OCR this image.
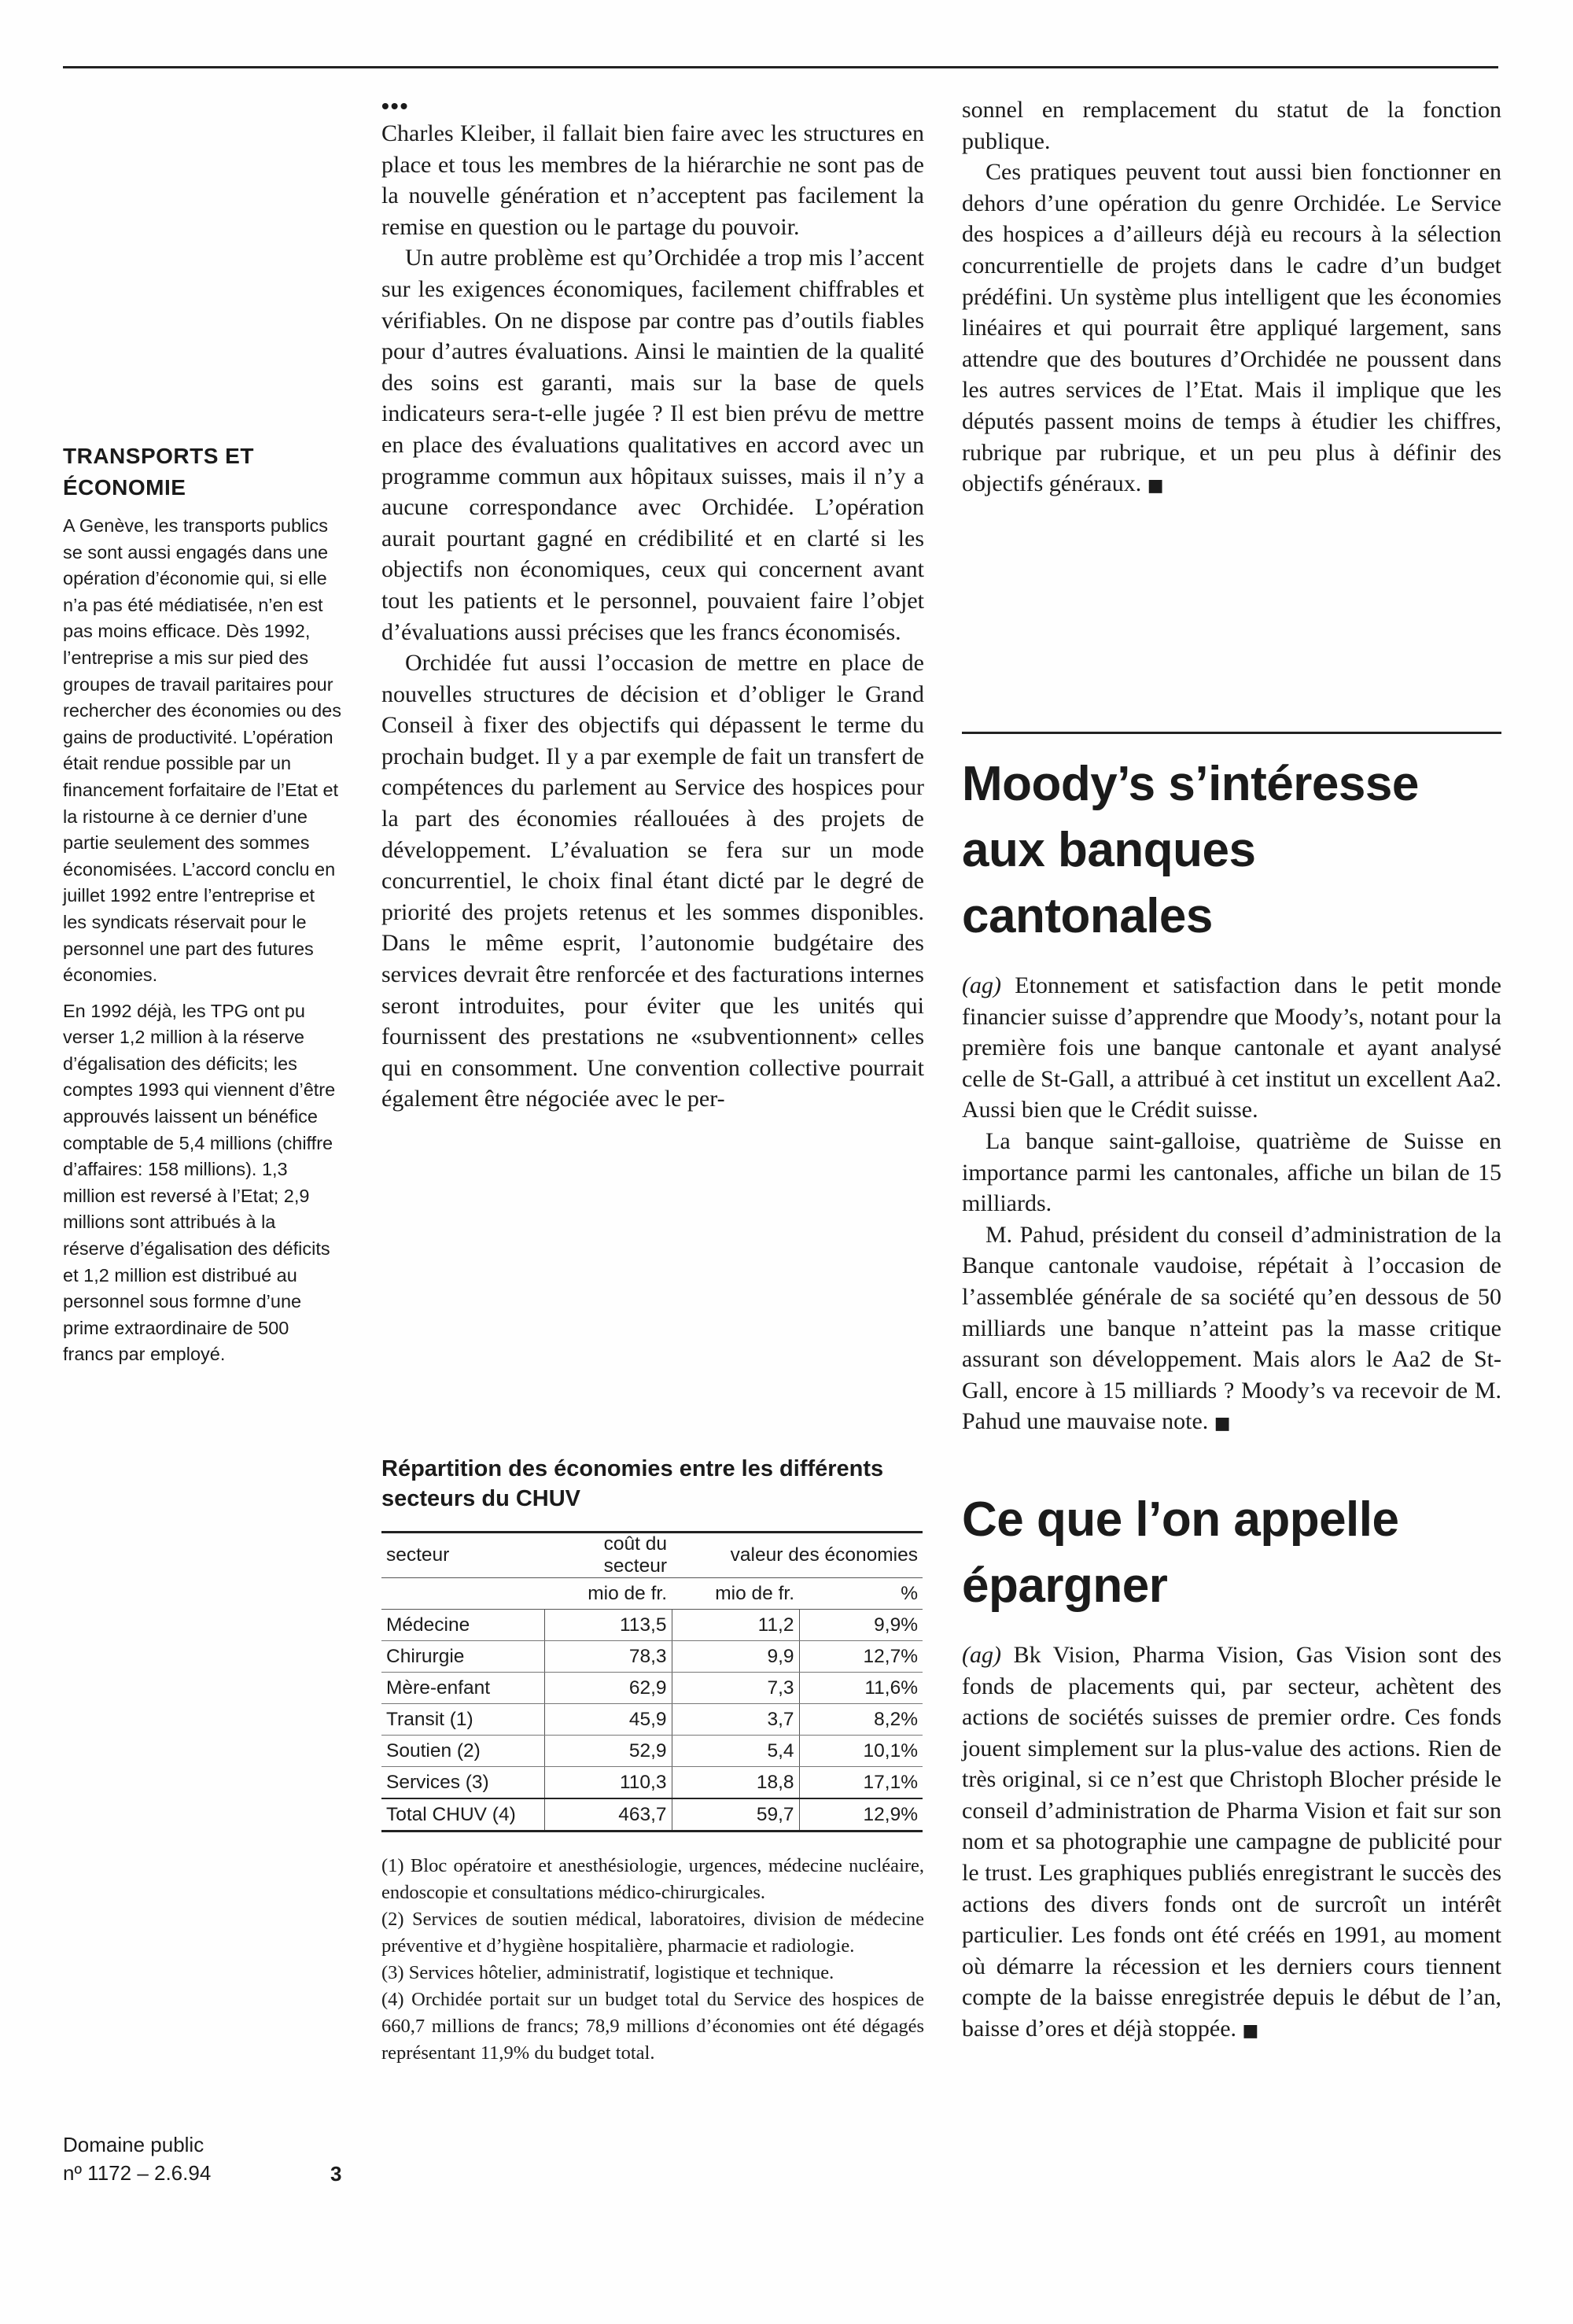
TRANSPORTS ET ÉCONOMIE

A Genève, les transports publics se sont aussi engagés dans une opération d’économie qui, si elle n’a pas été médiatisée, n’en est pas moins efficace. Dès 1992, l’entreprise a mis sur pied des groupes de travail paritaires pour rechercher des économies ou des gains de productivité. L’opération était rendue possible par un financement forfaitaire de l’Etat et la ristourne à ce dernier d’une partie seulement des sommes économisées. L’accord conclu en juillet 1992 entre l’entreprise et les syndicats réservait pour le personnel une part des futures économies.

En 1992 déjà, les TPG ont pu verser 1,2 million à la réserve d’égalisation des déficits; les comptes 1993 qui viennent d’être approuvés laissent un bénéfice comptable de 5,4 millions (chiffre d’affaires: 158 millions). 1,3 million est reversé à l’Etat; 2,9 millions sont attribués à la réserve d’égalisation des déficits et 1,2 million est distribué au personnel sous formne d’une prime extraordinaire de 500 francs par employé.

Domaine public
nº 1172 – 2.6.94	3
•••

Charles Kleiber, il fallait bien faire avec les structures en place et tous les membres de la hiérarchie ne sont pas de la nouvelle génération et n’acceptent pas facilement la remise en question ou le partage du pouvoir.

Un autre problème est qu’Orchidée a trop mis l’accent sur les exigences économiques, facilement chiffrables et vérifiables. On ne dispose par contre pas d’outils fiables pour d’autres évaluations. Ainsi le maintien de la qualité des soins est garanti, mais sur la base de quels indicateurs sera-t-elle jugée ? Il est bien prévu de mettre en place des évaluations qualitatives en accord avec un programme commun aux hôpitaux suisses, mais il n’y a aucune correspondance avec Orchidée. L’opération aurait pourtant gagné en crédibilité et en clarté si les objectifs non économiques, ceux qui concernent avant tout les patients et le personnel, pouvaient faire l’objet d’évaluations aussi précises que les francs économisés.

Orchidée fut aussi l’occasion de mettre en place de nouvelles structures de décision et d’obliger le Grand Conseil à fixer des objectifs qui dépassent le terme du prochain budget. Il y a par exemple de fait un transfert de compétences du parlement au Service des hospices pour la part des économies réallouées à des projets de développement. L’évaluation se fera sur un mode concurrentiel, le choix final étant dicté par le degré de priorité des projets retenus et les sommes disponibles. Dans le même esprit, l’autonomie budgétaire des services devrait être renforcée et des facturations internes seront introduites, pour éviter que les unités qui fournissent des prestations ne «subventionnent» celles qui en consomment. Une convention collective pourrait également être négociée avec le per-

Répartition des économies entre les différents secteurs du CHUV
secteur	coût du secteur	valeur des économies	
	mio de fr.	mio de fr.	%
Médecine	113,5	11,2	9,9%
Chirurgie	78,3	9,9	12,7%
Mère-enfant	62,9	7,3	11,6%
Transit (1)	45,9	3,7	8,2%
Soutien (2)	52,9	5,4	10,1%
Services (3)	110,3	18,8	17,1%
Total CHUV (4)	463,7	59,7	12,9%

(1) Bloc opératoire et anesthésiologie, urgences, médecine nucléaire, endoscopie et consultations médico-chirurgicales.

(2) Services de soutien médical, laboratoires, division de médecine préventive et d’hygiène hospitalière, pharmacie et radiologie.

(3) Services hôtelier, administratif, logistique et technique.

(4) Orchidée portait sur un budget total du Service des hospices de 660,7 millions de francs; 78,9 millions d’économies ont été dégagés représentant 11,9% du budget total.

sonnel en remplacement du statut de la fonction publique.

Ces pratiques peuvent tout aussi bien fonctionner en dehors d’une opération du genre Orchidée. Le Service des hospices a d’ailleurs déjà eu recours à la sélection concurrentielle de projets dans le cadre d’un budget prédéfini. Un système plus intelligent que les économies linéaires et qui pourrait être appliqué largement, sans attendre que des boutures d’Orchidée ne poussent dans les autres services de l’Etat. Mais il implique que les députés passent moins de temps à étudier les chiffres, rubrique par rubrique, et un peu plus à définir des objectifs généraux. ■

Moody’s s’intéresse aux banques cantonales

(ag) Etonnement et satisfaction dans le petit monde financier suisse d’apprendre que Moody’s, notant pour la première fois une banque cantonale et ayant analysé celle de St-Gall, a attribué à cet institut un excellent Aa2. Aussi bien que le Crédit suisse.

La banque saint-galloise, quatrième de Suisse en importance parmi les cantonales, affiche un bilan de 15 milliards.

M. Pahud, président du conseil d’administration de la Banque cantonale vaudoise, répétait à l’occasion de l’assemblée générale de sa société qu’en dessous de 50 milliards une banque n’atteint pas la masse critique assurant son développement. Mais alors le Aa2 de St-Gall, encore à 15 milliards ? Moody’s va recevoir de M. Pahud une mauvaise note. ■

Ce que l’on appelle épargner

(ag) Bk Vision, Pharma Vision, Gas Vision sont des fonds de placements qui, par secteur, achètent des actions de sociétés suisses de premier ordre. Ces fonds jouent simplement sur la plus-value des actions. Rien de très original, si ce n’est que Christoph Blocher préside le conseil d’administration de Pharma Vision et fait sur son nom et sa photographie une campagne de publicité pour le trust. Les graphiques publiés enregistrant le succès des actions des divers fonds ont de surcroît un intérêt particulier. Les fonds ont été créés en 1991, au moment où démarre la récession et les derniers cours tiennent compte de la baisse enregistrée depuis le début de l’an, baisse d’ores et déjà stoppée. ■
